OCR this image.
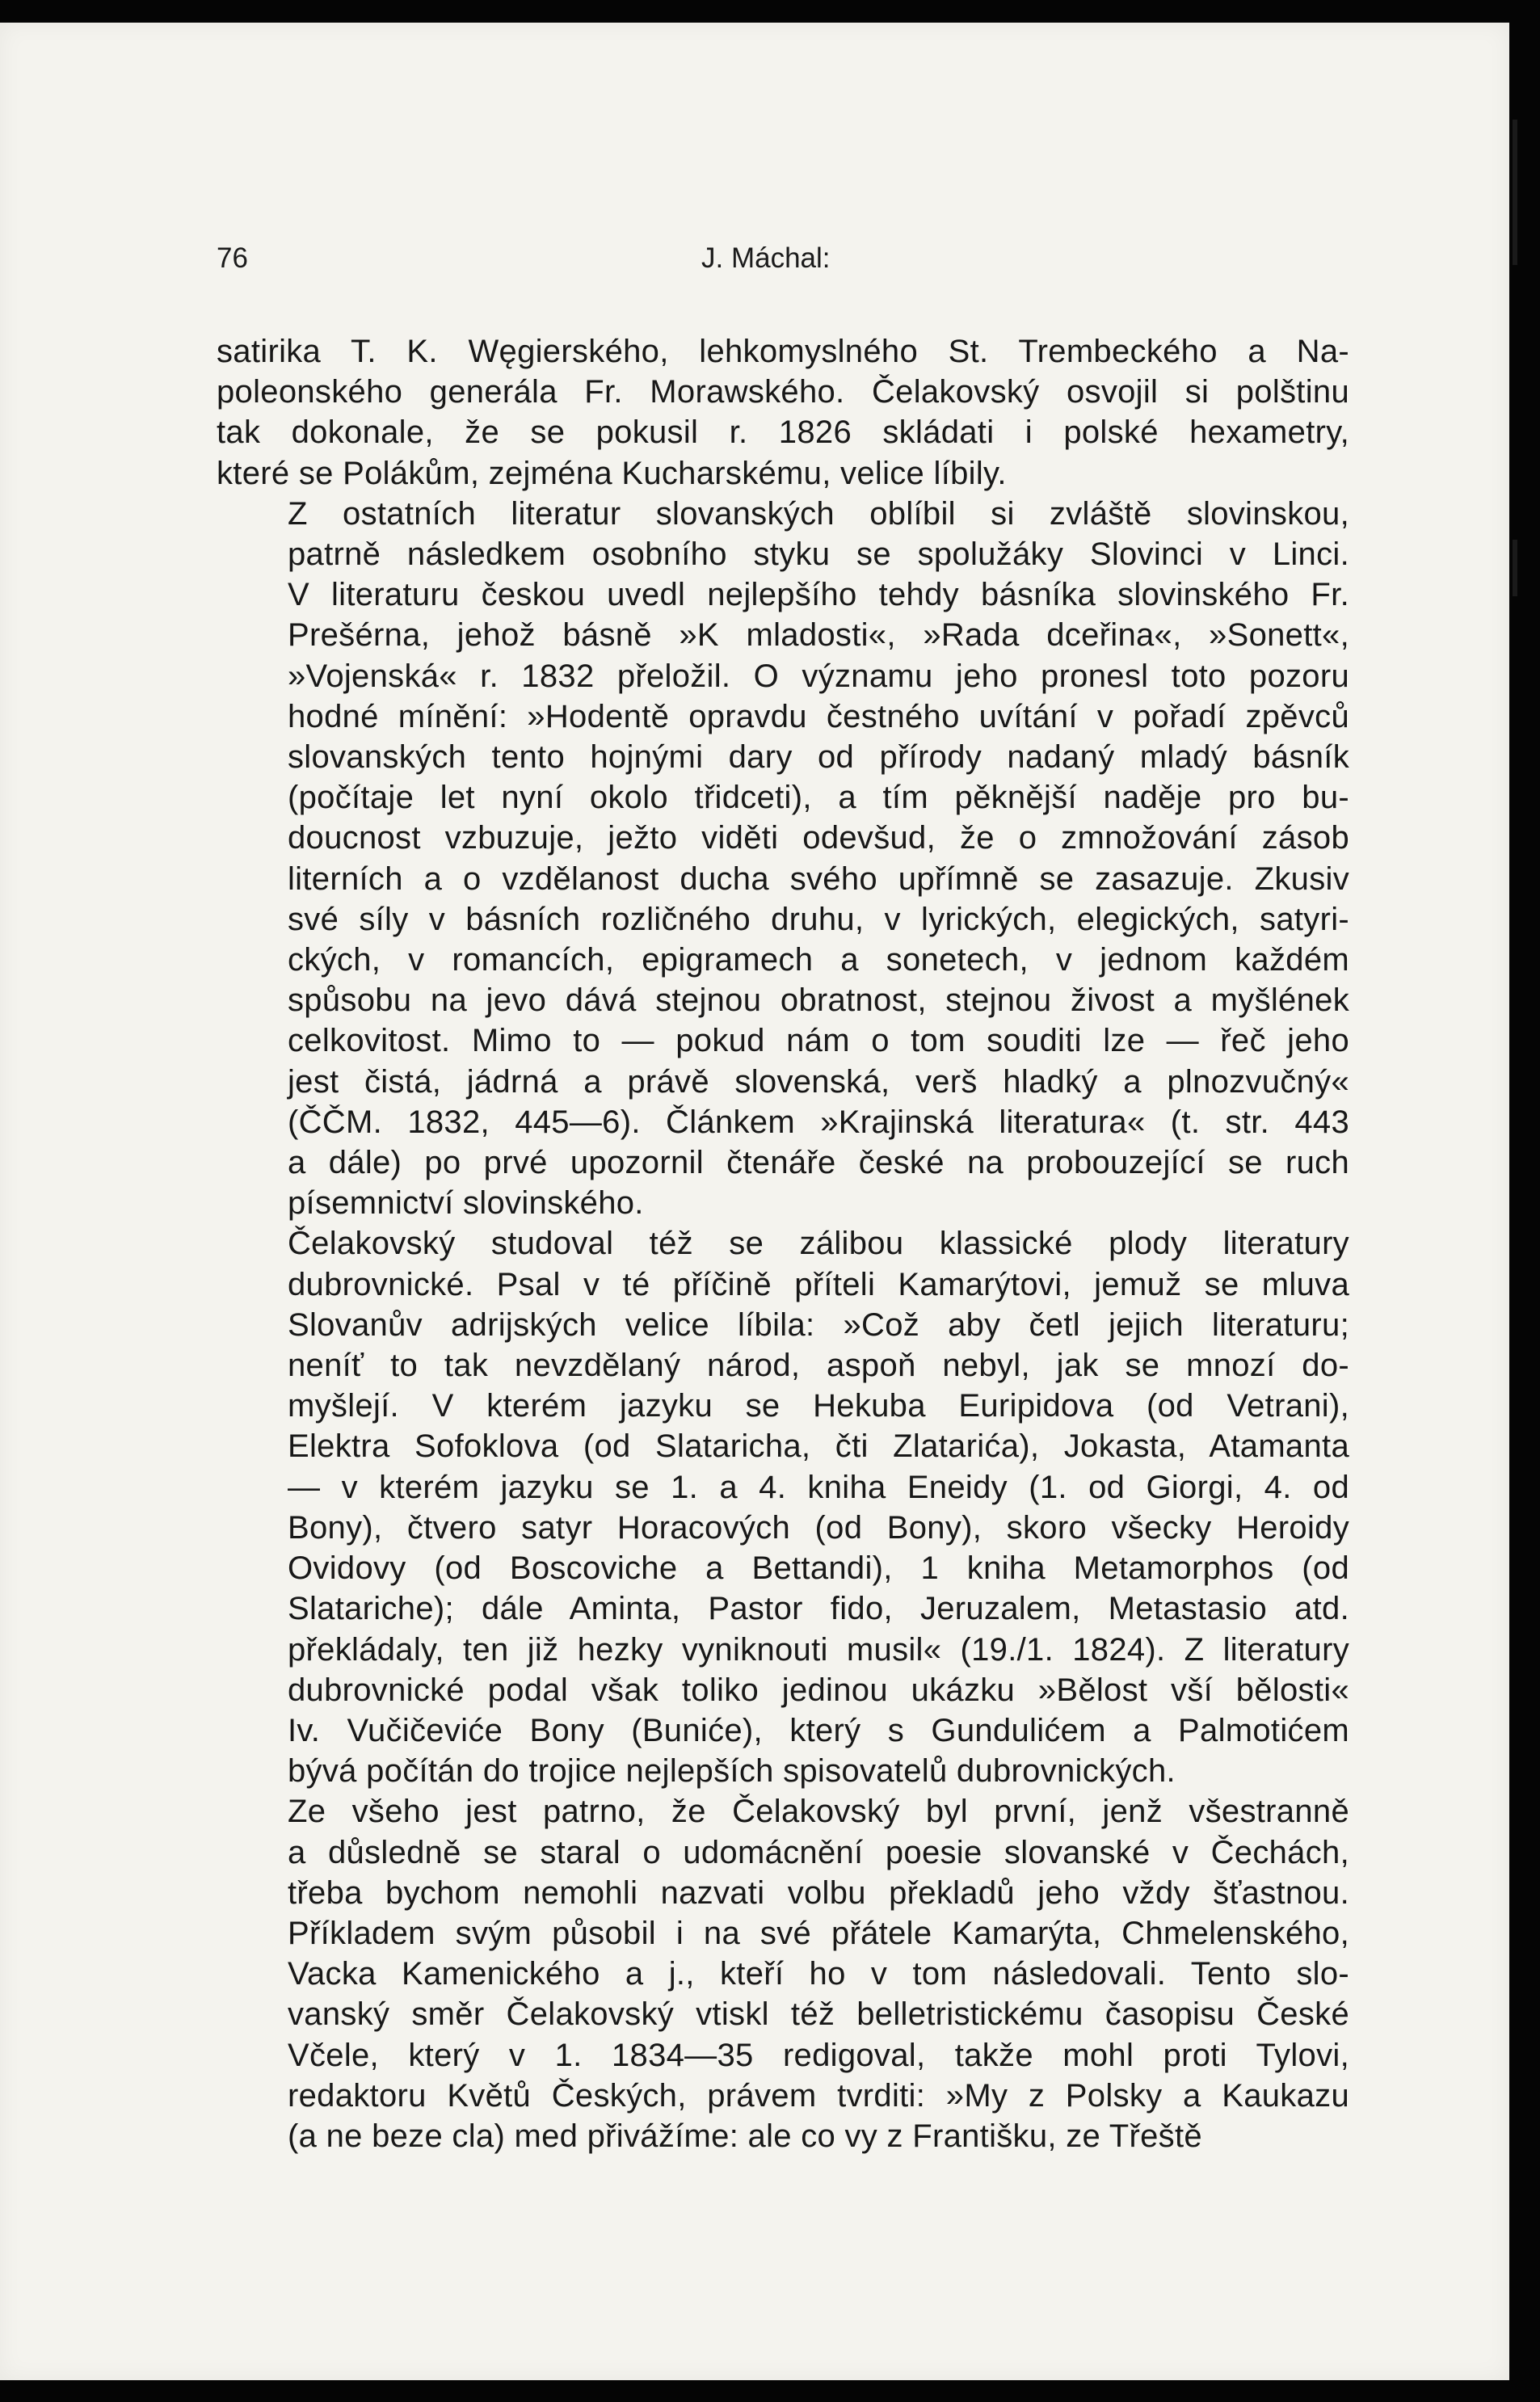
76	J. Máchal:
satirika T. K. Węgierského, lehkomyslného St. Trembeckého a Na-
poleonského generála Fr. Morawského. Čelakovský osvojil si polštinu
tak dokonale, že se pokusil r. 1826 skládati i polské hexametry,
které se Polákům, zejména Kucharskému, velice líbily.
Z ostatních literatur slovanských oblíbil si zvláště slovinskou,
patrně následkem osobního styku se spolužáky Slovinci v Linci.
V literaturu českou uvedl nejlepšího tehdy básníka slovinského Fr.
Prešérna, jehož básně »K mladosti«, »Rada dceřina«, »Sonett«,
»Vojenská« r. 1832 přeložil. O významu jeho pronesl toto pozoru
hodné mínění: »Hodentě opravdu čestného uvítání v pořadí zpěvců
slovanských tento hojnými dary od přírody nadaný mladý básník
(počítaje let nyní okolo třidceti), a tím pěknější naděje pro bu-
doucnost vzbuzuje, ježto viděti odevšud, že o zmnožování zásob
literních a o vzdělanost ducha svého upřímně se zasazuje. Zkusiv
své síly v básních rozličného druhu, v lyrických, elegických, satyri-
ckých, v romancích, epigramech a sonetech, v jednom každém
spůsobu na jevo dává stejnou obratnost, stejnou živost a myšlének
celkovitost. Mimo to — pokud nám o tom souditi lze — řeč jeho
jest čistá, jádrná a právě slovenská, verš hladký a plnozvučný«
(ČČM. 1832, 445—6). Článkem »Krajinská literatura« (t. str. 443
a dále) po prvé upozornil čtenáře české na probouzející se ruch
písemnictví slovinského.
Čelakovský studoval též se zálibou klassické plody literatury
dubrovnické. Psal v té příčině příteli Kamarýtovi, jemuž se mluva
Slovanův adrijských velice líbila: »Což aby četl jejich literaturu;
neníť to tak nevzdělaný národ, aspoň nebyl, jak se mnozí do-
myšlejí. V kterém jazyku se Hekuba Euripidova (od Vetrani),
Elektra Sofoklova (od Slataricha, čti Zlatarića), Jokasta, Atamanta
— v kterém jazyku se 1. a 4. kniha Eneidy (1. od Giorgi, 4. od
Bony), čtvero satyr Horacových (od Bony), skoro všecky Heroidy
Ovidovy (od Boscoviche a Bettandi), 1 kniha Metamorphos (od
Slatariche); dále Aminta, Pastor fido, Jeruzalem, Metastasio atd.
překládaly, ten již hezky vyniknouti musil« (19./1. 1824). Z literatury
dubrovnické podal však toliko jedinou ukázku »Bělost vší bělosti«
Iv. Vučičeviće Bony (Buniće), který s Gundulićem a Palmotićem
bývá počítán do trojice nejlepších spisovatelů dubrovnických.
Ze všeho jest patrno, že Čelakovský byl první, jenž všestranně
a důsledně se staral o udomácnění poesie slovanské v Čechách,
třeba bychom nemohli nazvati volbu překladů jeho vždy šťastnou.
Příkladem svým působil i na své přátele Kamarýta, Chmelenského,
Vacka Kamenického a j., kteří ho v tom následovali. Tento slo-
vanský směr Čelakovský vtiskl též belletristickému časopisu České
Včele, který v 1. 1834—35 redigoval, takže mohl proti Tylovi,
redaktoru Květů Českých, právem tvrditi: »My z Polsky a Kaukazu
(a ne beze cla) med přivážíme: ale co vy z Františku, ze Třeště
